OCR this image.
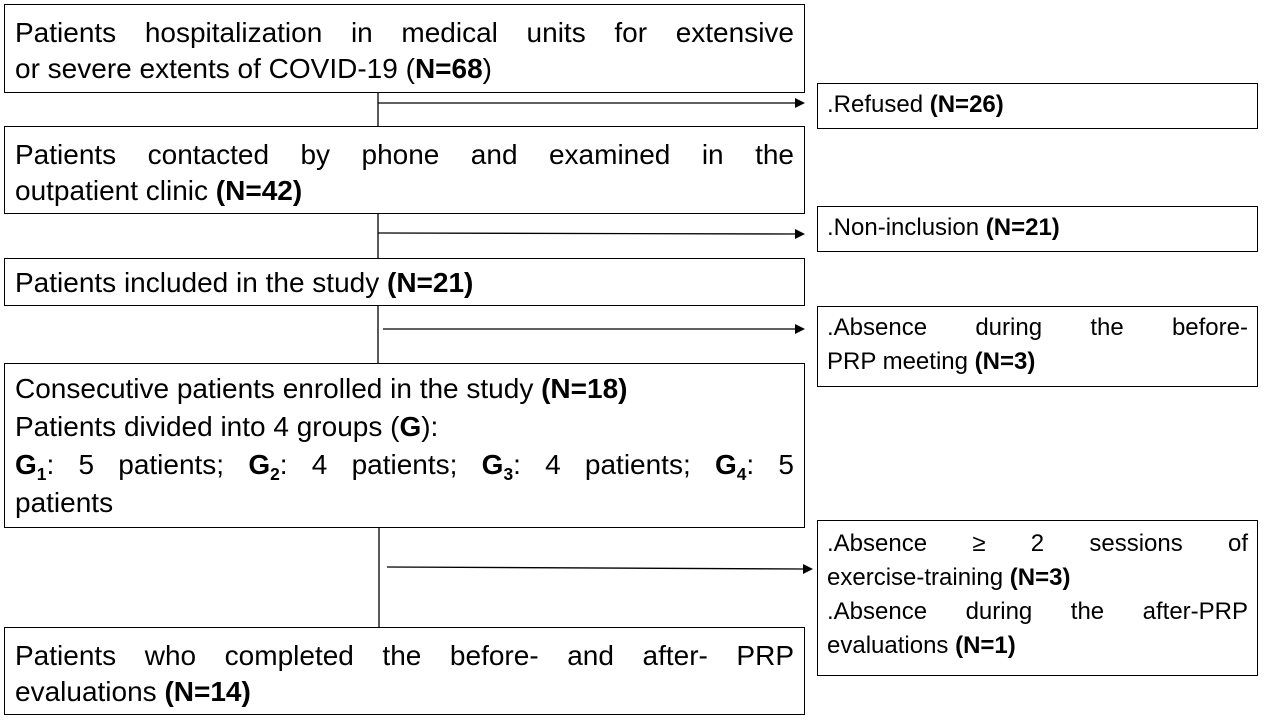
Patients hospitalization in medical units for extensive
or severe extents of COVID-19 (N=68)
Patients contacted by phone and examined in the
outpatient clinic (N=42)
Patients included in the study (N=21)
Consecutive patients enrolled in the study (N=18)
Patients divided into 4 groups (G):
$G_1$: 5 patients; $G_2$: 4 patients; $G_3$: 4 patients; $G_4$: 5
patients
Patients who completed the before- and after- PRP
evaluations (N=14)
.Refused (N=26)
.Non-inclusion (N=21)
.Absence during the before-
PRP meeting (N=3)
.Absence ≥ 2 sessions of
exercise-training (N=3)
.Absence during the after-PRP
evaluations (N=1)
